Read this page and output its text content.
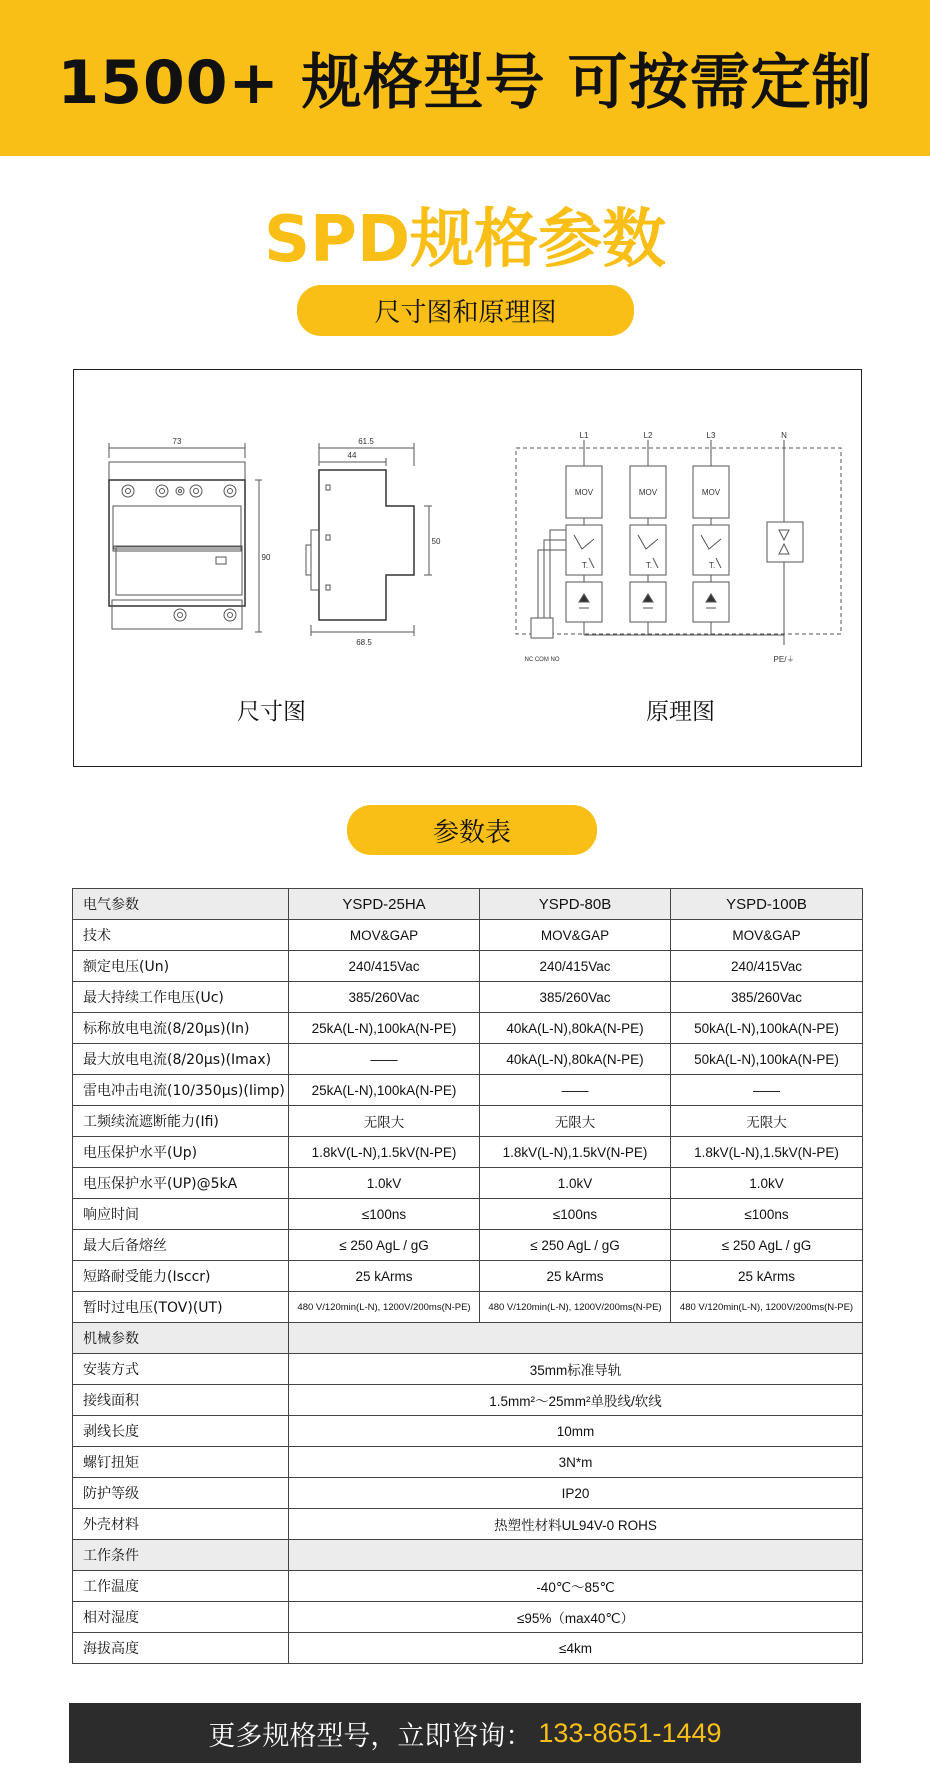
1500+ 规格型号 可按需定制
SPD规格参数
尺寸图和原理图
73	61.5
44
90
50
68.5
L1	L2	L3	N
MOV	MOV	MOV
T.	T.	T.
PE/⏚
NC COM NO
尺寸图	原理图
参数表
电气参数	YSPD-25HA	YSPD-80B	YSPD-100B
技术	MOV&GAP	MOV&GAP	MOV&GAP
额定电压(Un)	240/415Vac	240/415Vac	240/415Vac
最大持续工作电压(Uc)	385/260Vac	385/260Vac	385/260Vac
标称放电电流(8/20µs)(In)	25kA(L-N),100kA(N-PE)	40kA(L-N),80kA(N-PE)	50kA(L-N),100kA(N-PE)
最大放电电流(8/20µs)(Imax)	——	40kA(L-N),80kA(N-PE)	50kA(L-N),100kA(N-PE)
雷电冲击电流(10/350µs)(Iimp)	25kA(L-N),100kA(N-PE)	——	——
工频续流遮断能力(Ifi)	无限大	无限大	无限大
电压保护水平(Up)	1.8kV(L-N),1.5kV(N-PE)	1.8kV(L-N),1.5kV(N-PE)	1.8kV(L-N),1.5kV(N-PE)
电压保护水平(UP)@5kA	1.0kV	1.0kV	1.0kV
响应时间	≤100ns	≤100ns	≤100ns
最大后备熔丝	≤ 250 AgL / gG	≤ 250 AgL / gG	≤ 250 AgL / gG
短路耐受能力(Isccr)	25 kArms	25 kArms	25 kArms
暂时过电压(TOV)(UT)	480 V/120min(L-N), 1200V/200ms(N-PE)	480 V/120min(L-N), 1200V/200ms(N-PE)	480 V/120min(L-N), 1200V/200ms(N-PE)
机械参数			
安装方式	35mm标准导轨		
接线面积	1.5mm²～25mm²单股线/软线		
剥线长度	10mm		
螺钉扭矩	3N*m		
防护等级	IP20		
外壳材料	热塑性材料UL94V-0 ROHS		
工作条件			
工作温度	-40℃～85℃		
相对湿度	≤95%（max40℃）		
海拔高度	≤4km		
更多规格型号，立即咨询： 133-8651-1449
